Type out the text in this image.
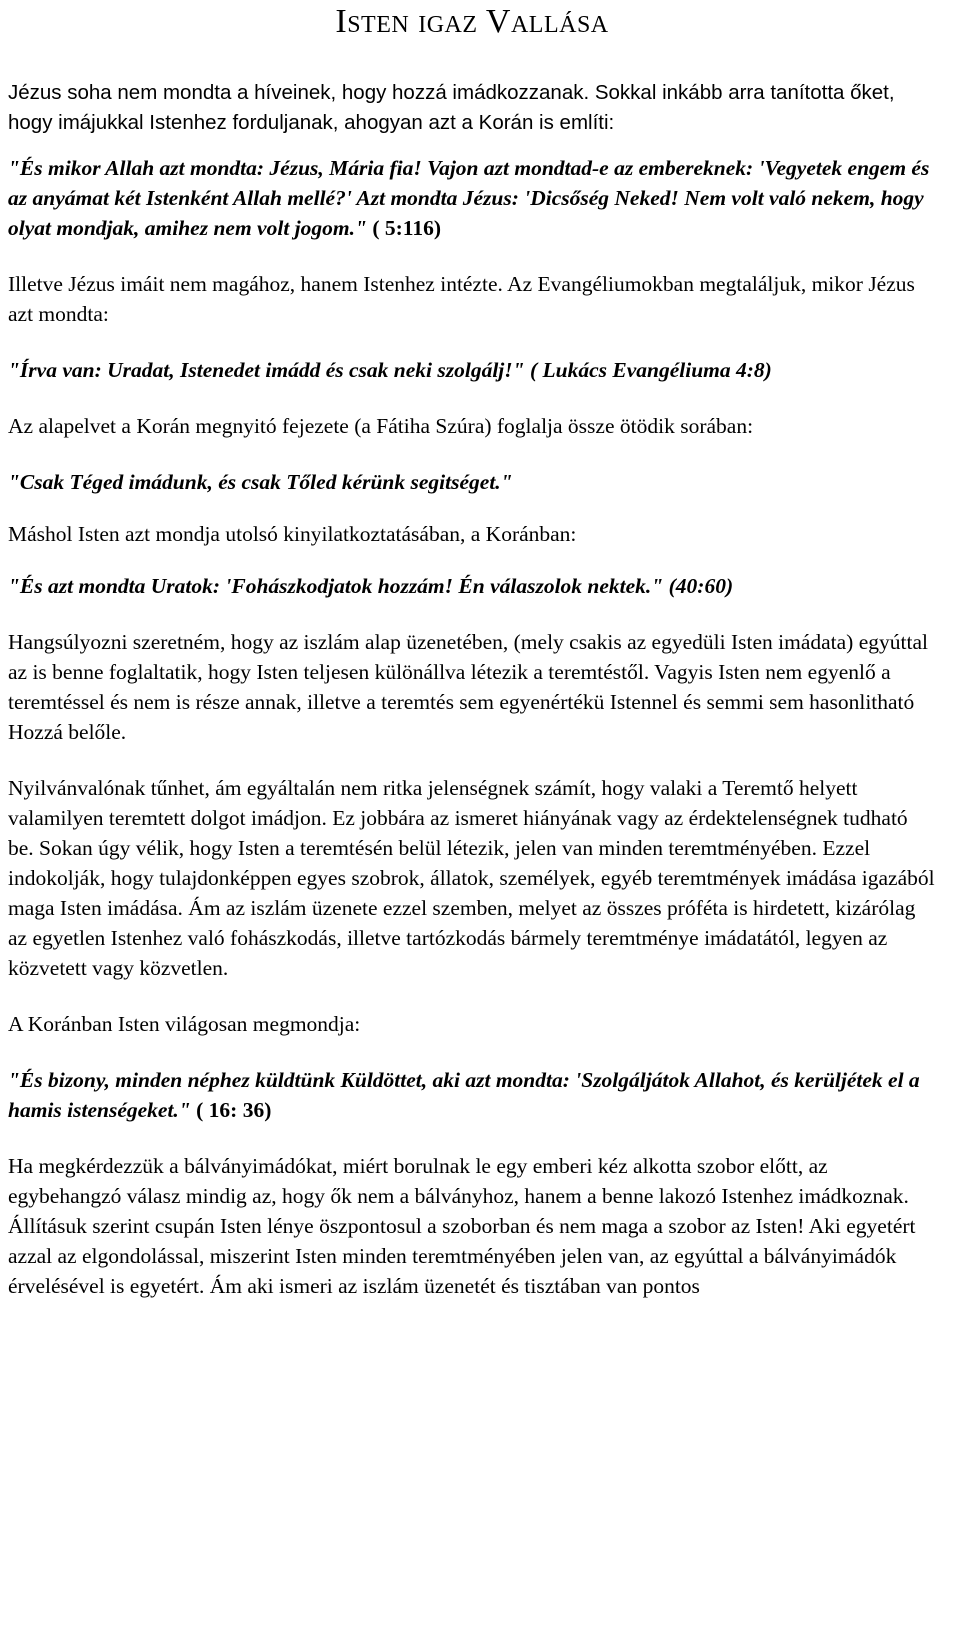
Isten igaz Vallása

Jézus soha nem mondta a híveinek, hogy hozzá imádkozzanak. Sokkal inkább arra tanította őket, hogy imájukkal Istenhez forduljanak, ahogyan azt a Korán is említi:

"És mikor Allah azt mondta: Jézus, Mária fia! Vajon azt mondtad-e az embereknek: 'Vegyetek engem és az anyámat két Istenként Allah mellé?' Azt mondta Jézus: 'Dicsőség Neked! Nem volt való nekem, hogy olyat mondjak, amihez nem volt jogom." ( 5:116)

Illetve Jézus imáit nem magához, hanem Istenhez intézte. Az Evangéliumokban megtaláljuk, mikor Jézus azt mondta:

"Írva van: Uradat, Istenedet imádd és csak neki szolgálj!" ( Lukács Evangéliuma 4:8)

Az alapelvet a Korán megnyitó fejezete (a Fátiha Szúra) foglalja össze ötödik sorában:

"Csak Téged imádunk, és csak Tőled kérünk segitséget."

Máshol Isten azt mondja utolsó kinyilatkoztatásában, a Koránban:

"És azt mondta Uratok: 'Fohászkodjatok hozzám! Én válaszolok nektek." (40:60)

Hangsúlyozni szeretném, hogy az iszlám alap üzenetében, (mely csakis az egyedüli Isten imádata) egyúttal az is benne foglaltatik, hogy Isten teljesen különállva létezik a teremtéstől. Vagyis Isten nem egyenlő a teremtéssel és nem is része annak, illetve a teremtés sem egyenértékü Istennel és semmi sem hasonlitható Hozzá belőle.

Nyilvánvalónak tűnhet, ám egyáltalán nem ritka jelenségnek számít, hogy valaki a Teremtő helyett valamilyen teremtett dolgot imádjon. Ez jobbára az ismeret hiányának vagy az érdektelenségnek tudható be. Sokan úgy vélik, hogy Isten a teremtésén belül létezik, jelen van minden teremtményében. Ezzel indokolják, hogy tulajdonképpen egyes szobrok, állatok, személyek, egyéb teremtmények imádása igazából maga Isten imádása. Ám az iszlám üzenete ezzel szemben, melyet az összes próféta is hirdetett, kizárólag az egyetlen Istenhez való fohászkodás, illetve tartózkodás bármely teremtménye imádatától, legyen az közvetett vagy közvetlen.

A Koránban Isten világosan megmondja:

"És bizony, minden néphez küldtünk Küldöttet, aki azt mondta: 'Szolgáljátok Allahot, és kerüljétek el a hamis istenségeket." ( 16: 36)

Ha megkérdezzük a bálványimádókat, miért borulnak le egy emberi kéz alkotta szobor előtt, az egybehangzó válasz mindig az, hogy ők nem a bálványhoz, hanem a benne lakozó Istenhez imádkoznak. Állításuk szerint csupán Isten lénye öszpontosul a szoborban és nem maga a szobor az Isten! Aki egyetért azzal az elgondolással, miszerint Isten minden teremtményében jelen van, az egyúttal a bálványimádók érvelésével is egyetért. Ám aki ismeri az iszlám üzenetét és tisztában van pontos
